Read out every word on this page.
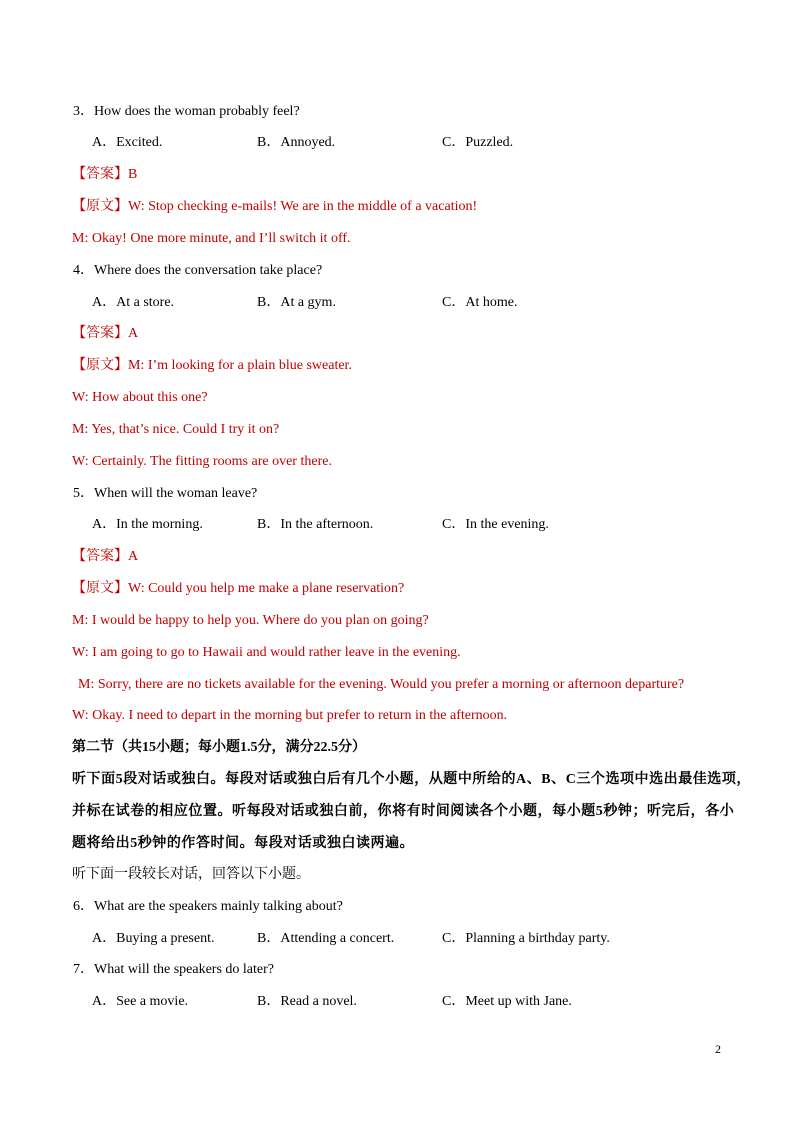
3．How does the woman probably feel?
A．Excited.	B．Annoyed.	C．Puzzled.
【答案】B
【原文】W: Stop checking e-mails! We are in the middle of a vacation!
M: Okay! One more minute, and I’ll switch it off.
4．Where does the conversation take place?
A．At a store.	B．At a gym.	C．At home.
【答案】A
【原文】M: I’m looking for a plain blue sweater.
W: How about this one?
M: Yes, that’s nice. Could I try it on?
W: Certainly. The fitting rooms are over there.
5．When will the woman leave?
A．In the morning.	B．In the afternoon.	C．In the evening.
【答案】A
【原文】W: Could you help me make a plane reservation?
M: I would be happy to help you. Where do you plan on going?
W: I am going to go to Hawaii and would rather leave in the evening.
M: Sorry, there are no tickets available for the evening. Would you prefer a morning or afternoon departure?
W: Okay. I need to depart in the morning but prefer to return in the afternoon.
第二节（共15小题；每小题1.5分，满分22.5分）
听下面5段对话或独白。每段对话或独白后有几个小题，从题中所给的A、B、C三个选项中选出最佳选项，
并标在试卷的相应位置。听每段对话或独白前，你将有时间阅读各个小题，每小题5秒钟；听完后，各小
题将给出5秒钟的作答时间。每段对话或独白读两遍。
听下面一段较长对话，回答以下小题。
6．What are the speakers mainly talking about?
A．Buying a present.	B．Attending a concert.	C．Planning a birthday party.
7．What will the speakers do later?
A．See a movie.	B．Read a novel.	C．Meet up with Jane.
2
